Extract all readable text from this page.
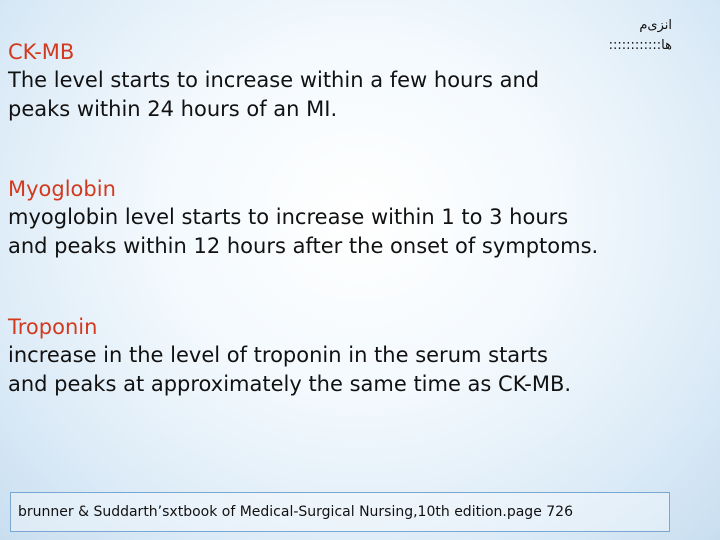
انزی‌م
ها::::::::::::
CK-MB
The level starts to increase within a few hours and
peaks within 24 hours of an MI.
Myoglobin
myoglobin level starts to increase within 1 to 3 hours
and peaks within 12 hours after the onset of symptoms.
Troponin
increase in the level of troponin in the serum starts
and peaks at approximately the same time as CK-MB.
brunner & Suddarth’sxtbook of Medical-Surgical Nursing,10th edition.page 726
